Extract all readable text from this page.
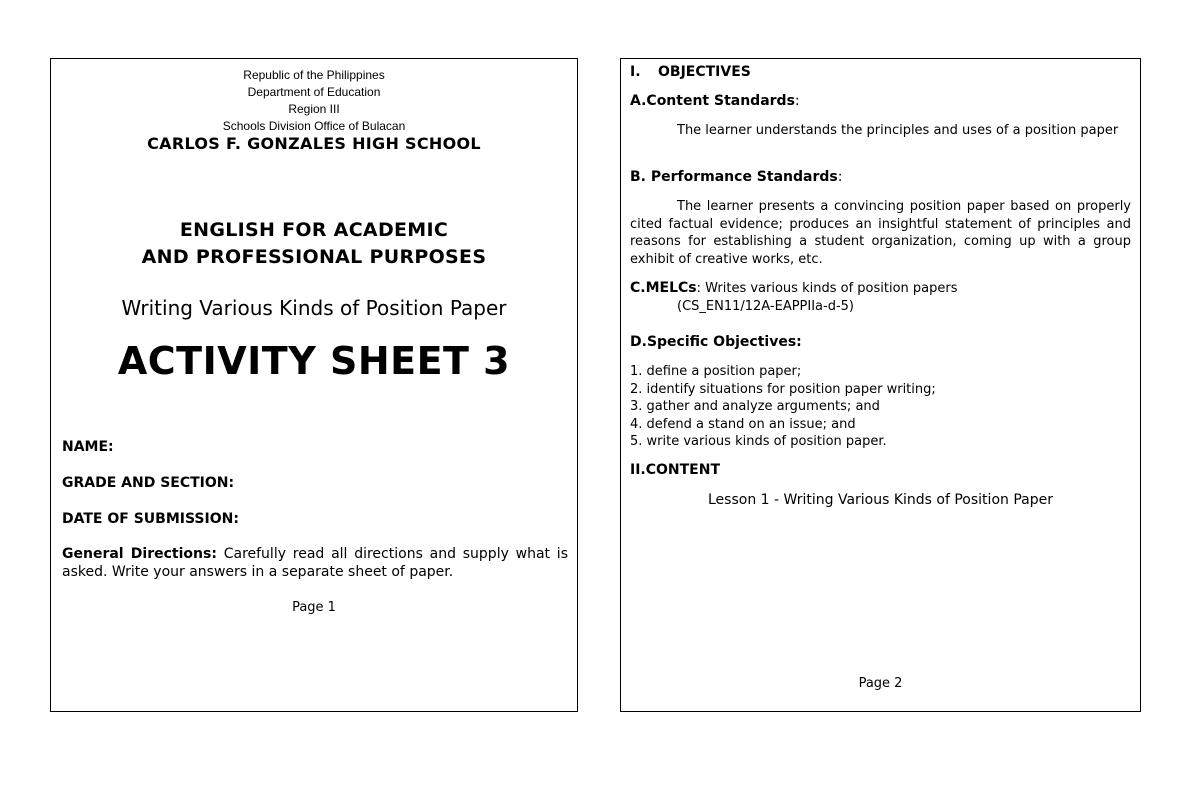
Republic of the Philippines
Department of Education
Region III
Schools Division Office of Bulacan
CARLOS F. GONZALES HIGH SCHOOL
ENGLISH FOR ACADEMIC
AND PROFESSIONAL PURPOSES
Writing Various Kinds of Position Paper
ACTIVITY SHEET 3
NAME:
GRADE AND SECTION:
DATE OF SUBMISSION:
General Directions: Carefully read all directions and supply what is asked. Write your answers in a separate sheet of paper.
Page 1
I. OBJECTIVES
A.Content Standards:
The learner understands the principles and uses of a position paper
B. Performance Standards:
The learner presents a convincing position paper based on properly cited factual evidence; produces an insightful statement of principles and reasons for establishing a student organization, coming up with a group exhibit of creative works, etc.
C.MELCs: Writes various kinds of position papers
(CS_EN11/12A-EAPPIIa-d-5)
D.Specific Objectives:
1. define a position paper;
2. identify situations for position paper writing;
3. gather and analyze arguments; and
4. defend a stand on an issue; and
5. write various kinds of position paper.
II.CONTENT
Lesson 1 - Writing Various Kinds of Position Paper
Page 2
